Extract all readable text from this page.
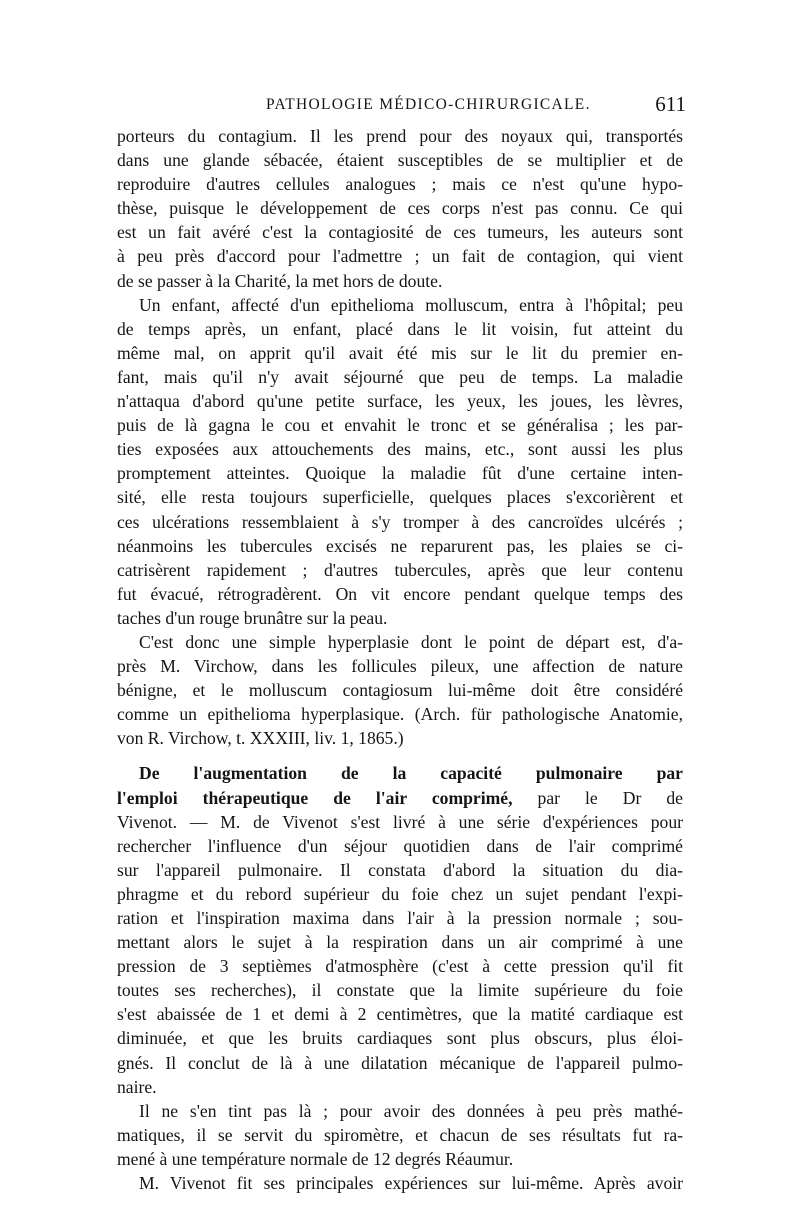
PATHOLOGIE MÉDICO-CHIRURGICALE.	611
porteurs du contagium. Il les prend pour des noyaux qui, transportés
dans une glande sébacée, étaient susceptibles de se multiplier et de
reproduire d'autres cellules analogues ; mais ce n'est qu'une hypo-
thèse, puisque le développement de ces corps n'est pas connu. Ce qui
est un fait avéré c'est la contagiosité de ces tumeurs, les auteurs sont
à peu près d'accord pour l'admettre ; un fait de contagion, qui vient
de se passer à la Charité, la met hors de doute.
Un enfant, affecté d'un epithelioma molluscum, entra à l'hôpital; peu
de temps après, un enfant, placé dans le lit voisin, fut atteint du
même mal, on apprit qu'il avait été mis sur le lit du premier en-
fant, mais qu'il n'y avait séjourné que peu de temps. La maladie
n'attaqua d'abord qu'une petite surface, les yeux, les joues, les lèvres,
puis de là gagna le cou et envahit le tronc et se généralisa ; les par-
ties exposées aux attouchements des mains, etc., sont aussi les plus
promptement atteintes. Quoique la maladie fût d'une certaine inten-
sité, elle resta toujours superficielle, quelques places s'excorièrent et
ces ulcérations ressemblaient à s'y tromper à des cancroïdes ulcérés ;
néanmoins les tubercules excisés ne reparurent pas, les plaies se ci-
catrisèrent rapidement ; d'autres tubercules, après que leur contenu
fut évacué, rétrogradèrent. On vit encore pendant quelque temps des
taches d'un rouge brunâtre sur la peau.
C'est donc une simple hyperplasie dont le point de départ est, d'a-
près M. Virchow, dans les follicules pileux, une affection de nature
bénigne, et le molluscum contagiosum lui-même doit être considéré
comme un epithelioma hyperplasique. (Arch. für pathologische Anatomie,
von R. Virchow, t. XXXIII, liv. 1, 1865.)
De l'augmentation de la capacité pulmonaire par
l'emploi thérapeutique de l'air comprimé, par le Dr de
Vivenot. — M. de Vivenot s'est livré à une série d'expériences pour
rechercher l'influence d'un séjour quotidien dans de l'air comprimé
sur l'appareil pulmonaire. Il constata d'abord la situation du dia-
phragme et du rebord supérieur du foie chez un sujet pendant l'expi-
ration et l'inspiration maxima dans l'air à la pression normale ; sou-
mettant alors le sujet à la respiration dans un air comprimé à une
pression de 3 septièmes d'atmosphère (c'est à cette pression qu'il fit
toutes ses recherches), il constate que la limite supérieure du foie
s'est abaissée de 1 et demi à 2 centimètres, que la matité cardiaque est
diminuée, et que les bruits cardiaques sont plus obscurs, plus éloi-
gnés. Il conclut de là à une dilatation mécanique de l'appareil pulmo-
naire.
Il ne s'en tint pas là ; pour avoir des données à peu près mathé-
matiques, il se servit du spiromètre, et chacun de ses résultats fut ra-
mené à une température normale de 12 degrés Réaumur.
M. Vivenot fit ses principales expériences sur lui-même. Après avoir
